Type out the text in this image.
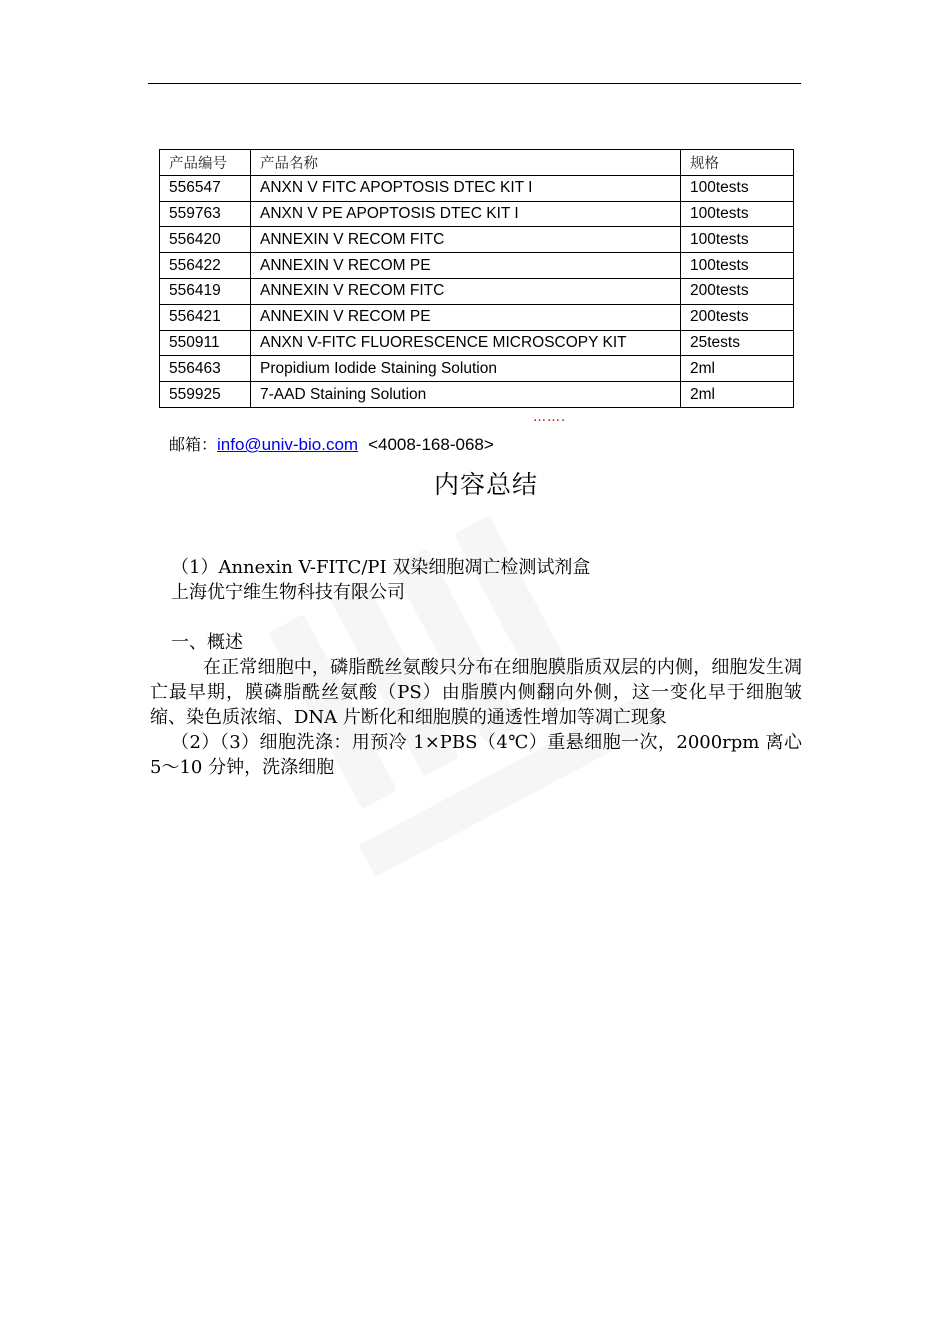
产品编号	产品名称	规格
556547	ANXN V FITC APOPTOSIS DTEC KIT I	100tests
559763	ANXN V PE APOPTOSIS DTEC KIT I	100tests
556420	ANNEXIN V RECOM FITC	100tests
556422	ANNEXIN V RECOM PE	100tests
556419	ANNEXIN V RECOM FITC	200tests
556421	ANNEXIN V RECOM PE	200tests
550911	ANXN V-FITC FLUORESCENCE MICROSCOPY KIT	25tests
556463	Propidium Iodide Staining Solution	2ml
559925	7-AAD Staining Solution	2ml
…….
邮箱：info@univ-bio.com <4008-168-068>
内容总结

（1）Annexin V-FITC/PI 双染细胞凋亡检测试剂盒

上海优宁维生物科技有限公司

一、概述

在正常细胞中，磷脂酰丝氨酸只分布在细胞膜脂质双层的内侧，细胞发生凋亡最早期，膜磷脂酰丝氨酸（PS）由脂膜内侧翻向外侧，这一变化早于细胞皱缩、染色质浓缩、DNA 片断化和细胞膜的通透性增加等凋亡现象

（2）（3）细胞洗涤：用预冷 1×PBS（4℃）重悬细胞一次，2000rpm 离心 5～10 分钟，洗涤细胞
